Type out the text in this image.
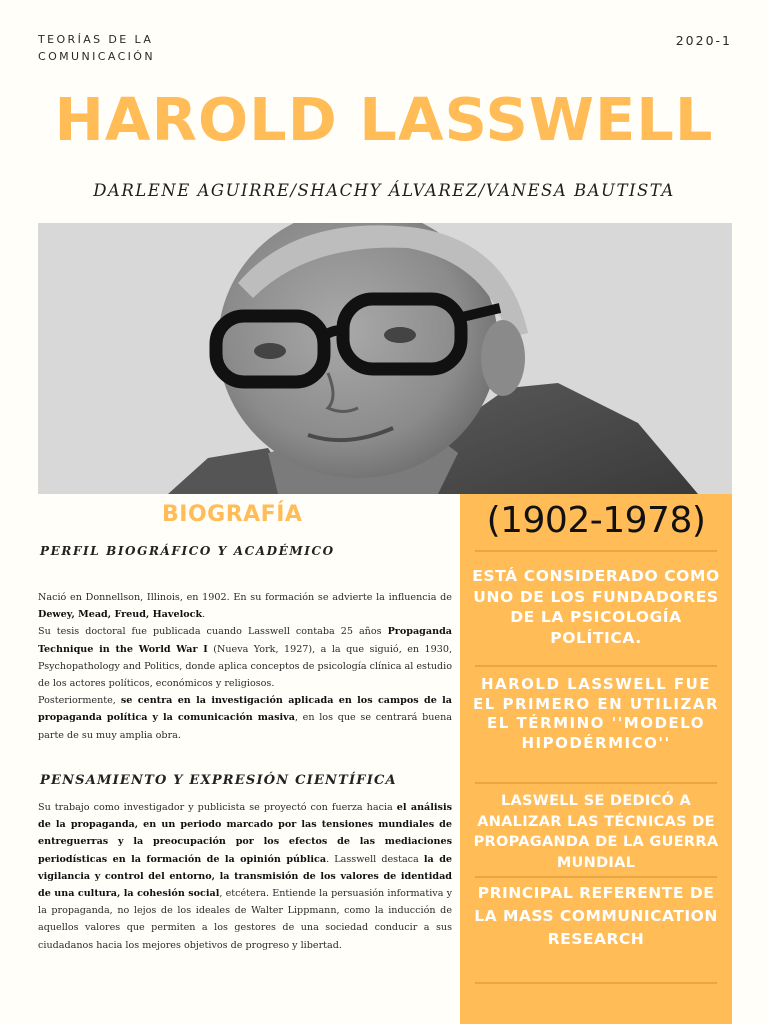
TEORÍAS DE LA
COMUNICACIÓN
2020-1
HAROLD LASSWELL
DARLENE AGUIRRE/SHACHY ÁLVAREZ/VANESA BAUTISTA
BIOGRAFÍA
PERFIL BIOGRÁFICO Y ACADÉMICO

Nació en Donnellson, Illinois, en 1902. En su formación se advierte la influencia de Dewey, Mead, Freud, Havelock.

Su tesis doctoral fue publicada cuando Lasswell contaba 25 años Propaganda Technique in the World War I (Nueva York, 1927), a la que siguió, en 1930, Psychopathology and Politics, donde aplica conceptos de psicología clínica al estudio de los actores políticos, económicos y religiosos.

Posteriormente, se centra en la investigación aplicada en los campos de la propaganda política y la comunicación masiva, en los que se centrará buena parte de su muy amplia obra.

PENSAMIENTO Y EXPRESIÓN CIENTÍFICA

Su trabajo como investigador y publicista se proyectó con fuerza hacia el análisis de la propaganda, en un periodo marcado por las tensiones mundiales de entreguerras y la preocupación por los efectos de las mediaciones periodísticas en la formación de la opinión pública. Lasswell destaca la de vigilancia y control del entorno, la transmisión de los valores de identidad de una cultura, la cohesión social, etcétera. Entiende la persuasión informativa y la propaganda, no lejos de los ideales de Walter Lippmann, como la inducción de aquellos valores que permiten a los gestores de una sociedad conducir a sus ciudadanos hacia los mejores objetivos de progreso y libertad.

(1902-1978)
ESTÁ CONSIDERADO COMO UNO DE LOS FUNDADORES DE LA PSICOLOGÍA POLÍTICA.
HAROLD LASSWELL FUE EL PRIMERO EN UTILIZAR EL TÉRMINO ''MODELO HIPODÉRMICO''
LASWELL SE DEDICÓ A ANALIZAR LAS TÉCNICAS DE PROPAGANDA DE LA GUERRA MUNDIAL
PRINCIPAL REFERENTE DE LA MASS COMMUNICATION RESEARCH
